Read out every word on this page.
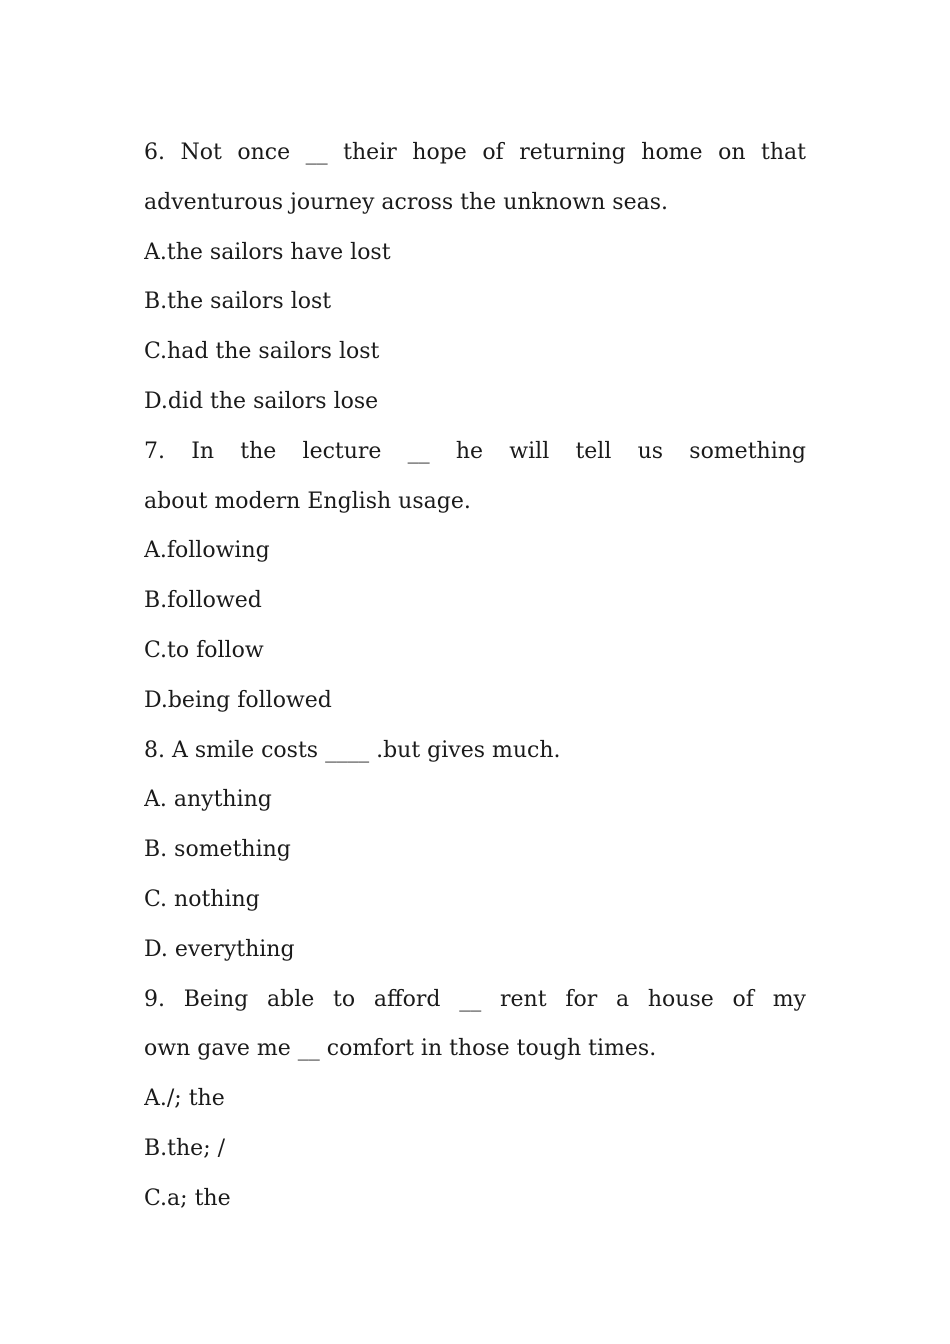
6. Not once __ their hope of returning home on that
adventurous journey across the unknown seas.
A.the sailors have lost
B.the sailors lost
C.had the sailors lost
D.did the sailors lose
7. In the lecture __ he will tell us something
about modern English usage.
A.following
B.followed
C.to follow
D.being followed
8. A smile costs ____ .but gives much.
A. anything
B. something
C. nothing
D. everything
9. Being able to afford __ rent for a house of my
own gave me __ comfort in those tough times.
A./; the
B.the; /
C.a; the
